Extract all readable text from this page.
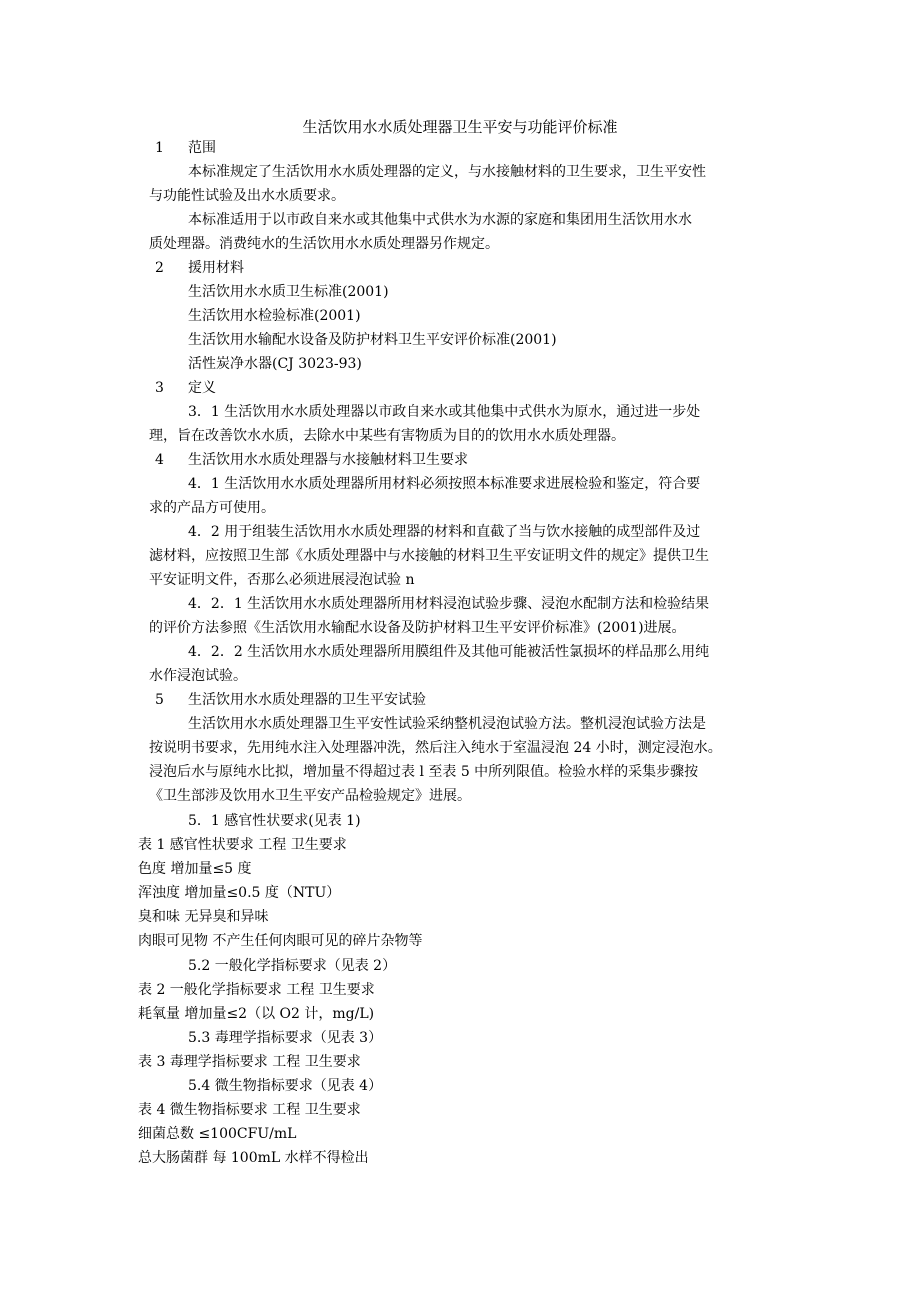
生活饮用水水质处理器卫生平安与功能评价标准
1 范围
本标准规定了生活饮用水水质处理器的定义，与水接触材料的卫生要求，卫生平安性
与功能性试验及出水水质要求。
本标准适用于以市政自来水或其他集中式供水为水源的家庭和集团用生活饮用水水
质处理器。消费纯水的生活饮用水水质处理器另作规定。
2 援用材料
生活饮用水水质卫生标准(2001)
生活饮用水检验标准(2001)
生活饮用水输配水设备及防护材料卫生平安评价标准(2001)
活性炭净水器(CJ 3023-93)
3 定义
3．1 生活饮用水水质处理器以市政自来水或其他集中式供水为原水，通过进一步处
理，旨在改善饮水水质，去除水中某些有害物质为目的的饮用水水质处理器。
4 生活饮用水水质处理器与水接触材料卫生要求
4．1 生活饮用水水质处理器所用材料必须按照本标准要求进展检验和鉴定，符合要
求的产品方可使用。
4．2 用于组装生活饮用水水质处理器的材料和直截了当与饮水接触的成型部件及过
滤材料，应按照卫生部《水质处理器中与水接触的材料卫生平安证明文件的规定》提供卫生
平安证明文件，否那么必须进展浸泡试验 n
4．2．1 生活饮用水水质处理器所用材料浸泡试验步骤、浸泡水配制方法和检验结果
的评价方法参照《生活饮用水输配水设备及防护材料卫生平安评价标准》(2001)进展。
4．2．2 生活饮用水水质处理器所用膜组件及其他可能被活性氯损坏的样品那么用纯
水作浸泡试验。
5 生活饮用水水质处理器的卫生平安试验
生活饮用水水质处理器卫生平安性试验采纳整机浸泡试验方法。整机浸泡试验方法是
按说明书要求，先用纯水注入处理器冲洗，然后注入纯水于室温浸泡 24 小时，测定浸泡水。
浸泡后水与原纯水比拟，增加量不得超过表 l 至表 5 中所列限值。检验水样的采集步骤按
《卫生部涉及饮用水卫生平安产品检验规定》进展。
5．1 感官性状要求(见表 1)
表 1 感官性状要求 工程 卫生要求
色度 增加量≤5 度
浑浊度 增加量≤0.5 度（NTU）
臭和味 无异臭和异味
肉眼可见物 不产生任何肉眼可见的碎片杂物等
5.2 一般化学指标要求（见表 2）
表 2 一般化学指标要求 工程 卫生要求
耗氧量 增加量≤2（以 O2 计，mg/L)
5.3 毒理学指标要求（见表 3）
表 3 毒理学指标要求 工程 卫生要求
5.4 微生物指标要求（见表 4）
表 4 微生物指标要求 工程 卫生要求
细菌总数 ≤100CFU/mL
总大肠菌群 每 100mL 水样不得检出
